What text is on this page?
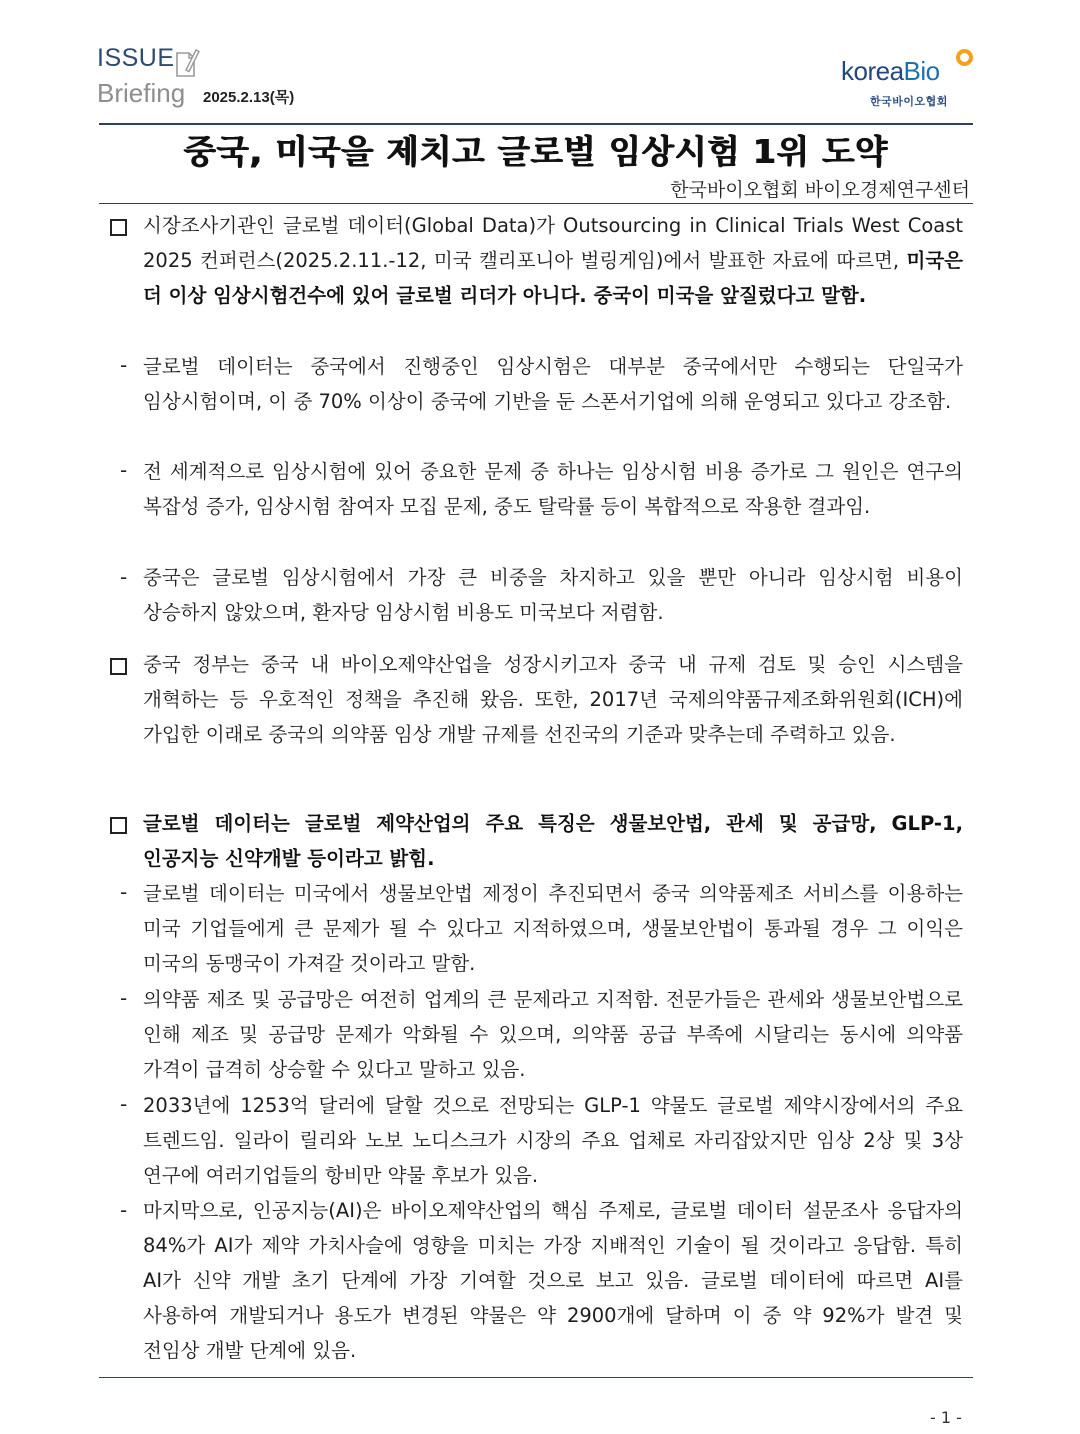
ISSUE
Briefing 2025.2.13(목)
koreaBio
한국바이오협회
중국, 미국을 제치고 글로벌 임상시험 1위 도약
한국바이오협회 바이오경제연구센터

시장조사기관인 글로벌 데이터(Global Data)가 Outsourcing in Clinical Trials West Coast 2025 컨퍼런스(2025.2.11.-12, 미국 캘리포니아 벌링게임)에서 발표한 자료에 따르면, 미국은 더 이상 임상시험건수에 있어 글로벌 리더가 아니다. 중국이 미국을 앞질렀다고 말함.

- 글로벌 데이터는 중국에서 진행중인 임상시험은 대부분 중국에서만 수행되는 단일국가 임상시험이며, 이 중 70% 이상이 중국에 기반을 둔 스폰서기업에 의해 운영되고 있다고 강조함.

- 전 세계적으로 임상시험에 있어 중요한 문제 중 하나는 임상시험 비용 증가로 그 원인은 연구의 복잡성 증가, 임상시험 참여자 모집 문제, 중도 탈락률 등이 복합적으로 작용한 결과임.

- 중국은 글로벌 임상시험에서 가장 큰 비중을 차지하고 있을 뿐만 아니라 임상시험 비용이 상승하지 않았으며, 환자당 임상시험 비용도 미국보다 저렴함.

중국 정부는 중국 내 바이오제약산업을 성장시키고자 중국 내 규제 검토 및 승인 시스템을 개혁하는 등 우호적인 정책을 추진해 왔음. 또한, 2017년 국제의약품규제조화위원회(ICH)에 가입한 이래로 중국의 의약품 임상 개발 규제를 선진국의 기준과 맞추는데 주력하고 있음.

글로벌 데이터는 글로벌 제약산업의 주요 특징은 생물보안법, 관세 및 공급망, GLP-1, 인공지능 신약개발 등이라고 밝힘.

- 글로벌 데이터는 미국에서 생물보안법 제정이 추진되면서 중국 의약품제조 서비스를 이용하는 미국 기업들에게 큰 문제가 될 수 있다고 지적하였으며, 생물보안법이 통과될 경우 그 이익은 미국의 동맹국이 가져갈 것이라고 말함.

- 의약품 제조 및 공급망은 여전히 업계의 큰 문제라고 지적함. 전문가들은 관세와 생물보안법으로 인해 제조 및 공급망 문제가 악화될 수 있으며, 의약품 공급 부족에 시달리는 동시에 의약품 가격이 급격히 상승할 수 있다고 말하고 있음.

- 2033년에 1253억 달러에 달할 것으로 전망되는 GLP-1 약물도 글로벌 제약시장에서의 주요 트렌드임. 일라이 릴리와 노보 노디스크가 시장의 주요 업체로 자리잡았지만 임상 2상 및 3상 연구에 여러기업들의 항비만 약물 후보가 있음.

- 마지막으로, 인공지능(AI)은 바이오제약산업의 핵심 주제로, 글로벌 데이터 설문조사 응답자의 84%가 AI가 제약 가치사슬에 영향을 미치는 가장 지배적인 기술이 될 것이라고 응답함. 특히 AI가 신약 개발 초기 단계에 가장 기여할 것으로 보고 있음. 글로벌 데이터에 따르면 AI를 사용하여 개발되거나 용도가 변경된 약물은 약 2900개에 달하며 이 중 약 92%가 발견 및 전임상 개발 단계에 있음.

- 1 -
